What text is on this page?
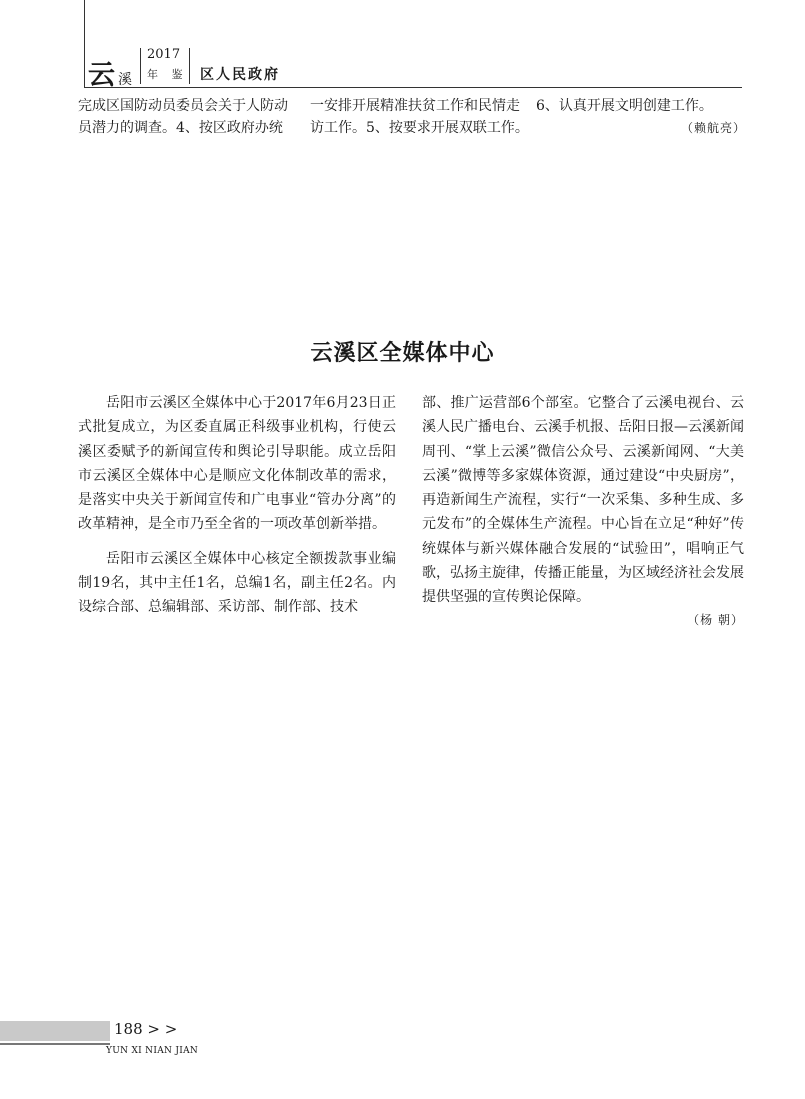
云溪
2017
年 鉴 区人民政府
完成区国防动员委员会关于人防动员潜力的调查。4、按区政府办统
一安排开展精准扶贫工作和民情走访工作。5、按要求开展双联工作。
6、认真开展文明创建工作。
（赖航亮）
云溪区全媒体中心

岳阳市云溪区全媒体中心于2017年6月23日正式批复成立，为区委直属正科级事业机构，行使云溪区委赋予的新闻宣传和舆论引导职能。成立岳阳市云溪区全媒体中心是顺应文化体制改革的需求，是落实中央关于新闻宣传和广电事业“管办分离”的改革精神，是全市乃至全省的一项改革创新举措。

岳阳市云溪区全媒体中心核定全额拨款事业编制19名，其中主任1名，总编1名，副主任2名。内设综合部、总编辑部、采访部、制作部、技术

部、推广运营部6个部室。它整合了云溪电视台、云溪人民广播电台、云溪手机报、岳阳日报—云溪新闻周刊、“掌上云溪”微信公众号、云溪新闻网、“大美云溪”微博等多家媒体资源，通过建设“中央厨房”，再造新闻生产流程，实行“一次采集、多种生成、多元发布”的全媒体生产流程。中心旨在立足“种好”传统媒体与新兴媒体融合发展的“试验田”，唱响正气歌，弘扬主旋律，传播正能量，为区域经济社会发展提供坚强的宣传舆论保障。

（杨 朝）
188 > >
YUN XI NIAN JIAN
